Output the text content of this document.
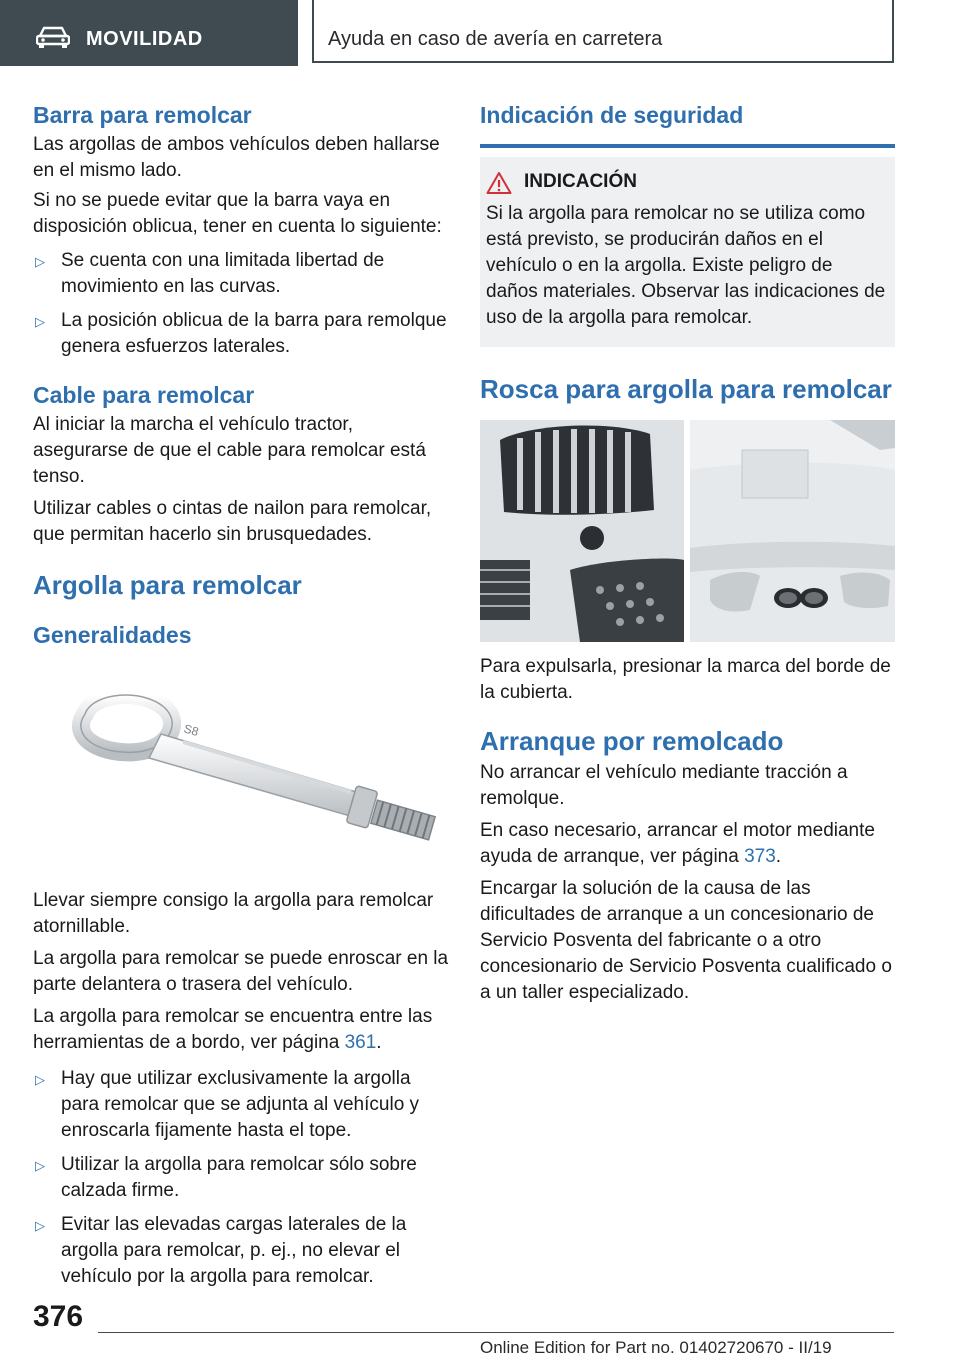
MOVILIDAD	Ayuda en caso de avería en carretera
Barra para remolcar

Las argollas de ambos vehículos deben hallarse en el mismo lado.

Si no se puede evitar que la barra vaya en disposición oblicua, tener en cuenta lo siguiente:

▷ Se cuenta con una limitada libertad de movimiento en las curvas.
▷ La posición oblicua de la barra para remolque genera esfuerzos laterales.
Cable para remolcar

Al iniciar la marcha el vehículo tractor, asegurarse de que el cable para remolcar está tenso.

Utilizar cables o cintas de nailon para remolcar, que permitan hacerlo sin brusquedades.

Argolla para remolcar
Generalidades
S8

Llevar siempre consigo la argolla para remolcar atornillable.

La argolla para remolcar se puede enroscar en la parte delantera o trasera del vehículo.

La argolla para remolcar se encuentra entre las herramientas de a bordo, ver página 361.

▷ Hay que utilizar exclusivamente la argolla para remolcar que se adjunta al vehículo y enroscarla fijamente hasta el tope.
▷ Utilizar la argolla para remolcar sólo sobre calzada firme.
▷ Evitar las elevadas cargas laterales de la argolla para remolcar, p. ej., no elevar el vehículo por la argolla para remolcar.
Indicación de seguridad
INDICACIÓN
Si la argolla para remolcar no se utiliza como está previsto, se producirán daños en el vehículo o en la argolla. Existe peligro de daños materiales. Observar las indicaciones de uso de la argolla para remolcar.
Rosca para argolla para remolcar

Para expulsarla, presionar la marca del borde de la cubierta.

Arranque por remolcado

No arrancar el vehículo mediante tracción a remolque.

En caso necesario, arrancar el motor mediante ayuda de arranque, ver página 373.

Encargar la solución de la causa de las dificultades de arranque a un concesionario de Servicio Posventa del fabricante o a otro concesionario de Servicio Posventa cualificado o a un taller especializado.

376
Online Edition for Part no. 01402720670 - II/19
